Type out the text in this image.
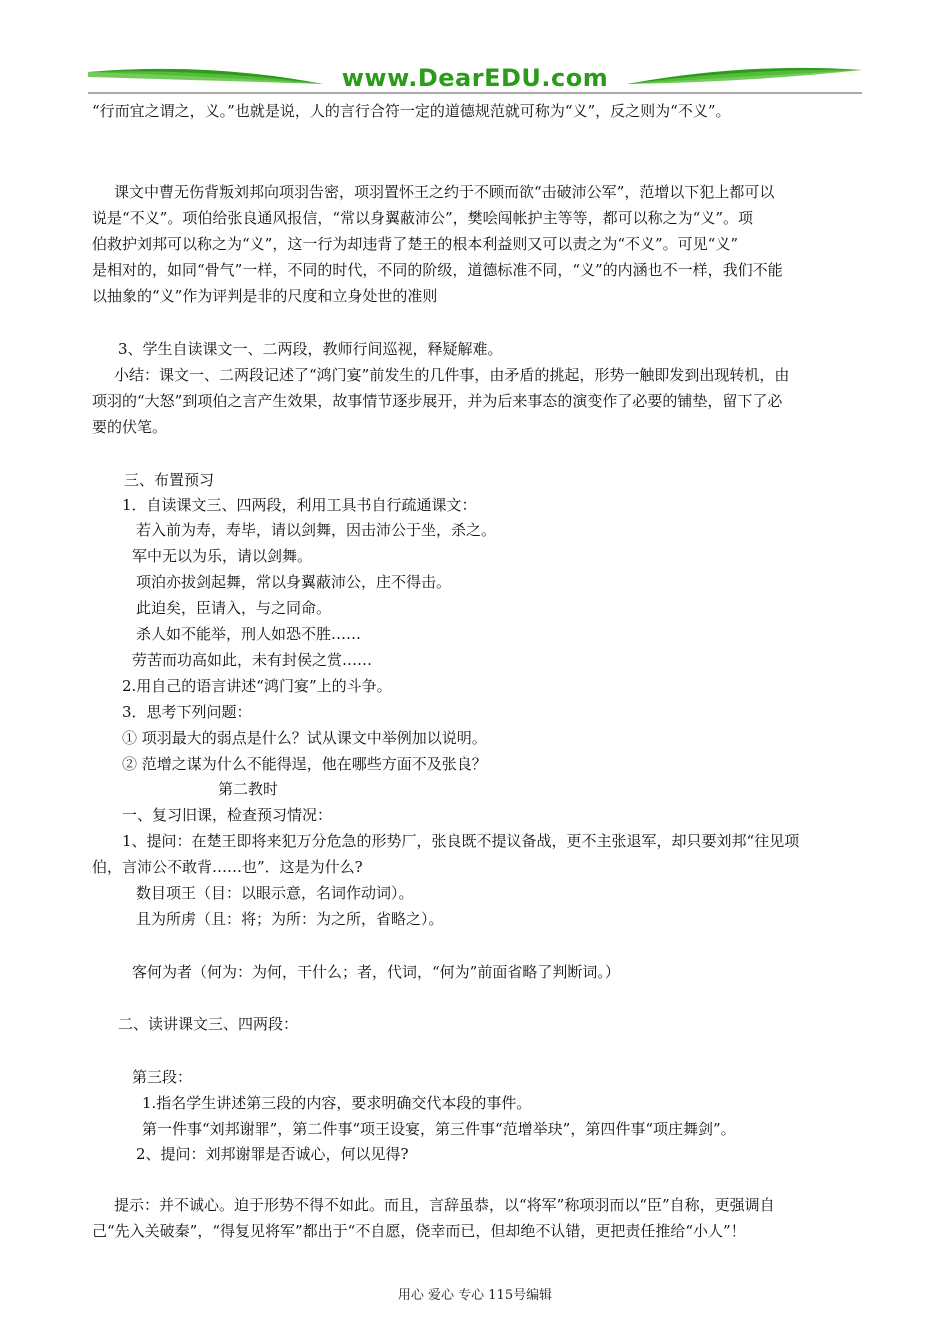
www.DearEDU.com
“行而宜之谓之，义。”也就是说，人的言行合符一定的道德规范就可称为“义”，反之则为“不义”。
课文中曹无伤背叛刘邦向项羽告密，项羽置怀王之约于不顾而欲“击破沛公军”，范增以下犯上都可以
说是“不义”。项伯给张良通风报信，“常以身翼蔽沛公”，樊哙闯帐护主等等，都可以称之为“义”。项
伯救护刘邦可以称之为“义”，这一行为却违背了楚王的根本利益则又可以责之为“不义”。可见“义”
是相对的，如同“骨气”一样，不同的时代，不同的阶级，道德标准不同，“义”的内涵也不一样，我们不能
以抽象的“义”作为评判是非的尺度和立身处世的准则
3、学生自读课文一、二两段，教师行间巡视，释疑解难。
小结：课文一、二两段记述了“鸿门宴”前发生的几件事，由矛盾的挑起，形势一触即发到出现转机，由
项羽的“大怒”到项伯之言产生效果，故事情节逐步展开，并为后来事态的演变作了必要的铺垫，留下了必
要的伏笔。
三、布置预习
1．自读课文三、四两段，利用工具书自行疏通课文：
若入前为寿，寿毕，请以剑舞，因击沛公于坐，杀之。
军中无以为乐，请以剑舞。
项泊亦拔剑起舞，常以身翼蔽沛公，庄不得击。
此迫矣，臣请入，与之同命。
杀人如不能举，刑人如恐不胜……
劳苦而功高如此，未有封侯之赏……
2.用自己的语言讲述“鸿门宴”上的斗争。
3．思考下列问题：
① 项羽最大的弱点是什么？试从课文中举例加以说明。
② 范增之谋为什么不能得逞，他在哪些方面不及张良？
第二教时
一、复习旧课，检查预习情况：
1、提问：在楚王即将来犯万分危急的形势厂，张良既不提议备战，更不主张退军，却只要刘邦“往见项
伯，言沛公不敢背……也”．这是为什么?
数目项王（目：以眼示意，名词作动词）。
且为所虏（且：将；为所：为之所，省略之）。
客何为者（何为：为何，干什么；者，代词，“何为”前面省略了判断词。）
二、读讲课文三、四两段：
第三段：
1.指名学生讲述第三段的内容，要求明确交代本段的事件。
第一件事“刘邦谢罪”，第二件事“项王设宴，第三件事“范增举玦”，第四件事“项庄舞剑”。
2、提问：刘邦谢罪是否诚心，何以见得?
提示：并不诚心。迫于形势不得不如此。而且，言辞虽恭，以“将军”称项羽而以“臣”自称，更强调自
己“先入关破秦”，“得复见将军”都出于“不自愿，侥幸而已，但却绝不认错，更把责任推给“小人”！
用心 爱心 专心 115号编辑
